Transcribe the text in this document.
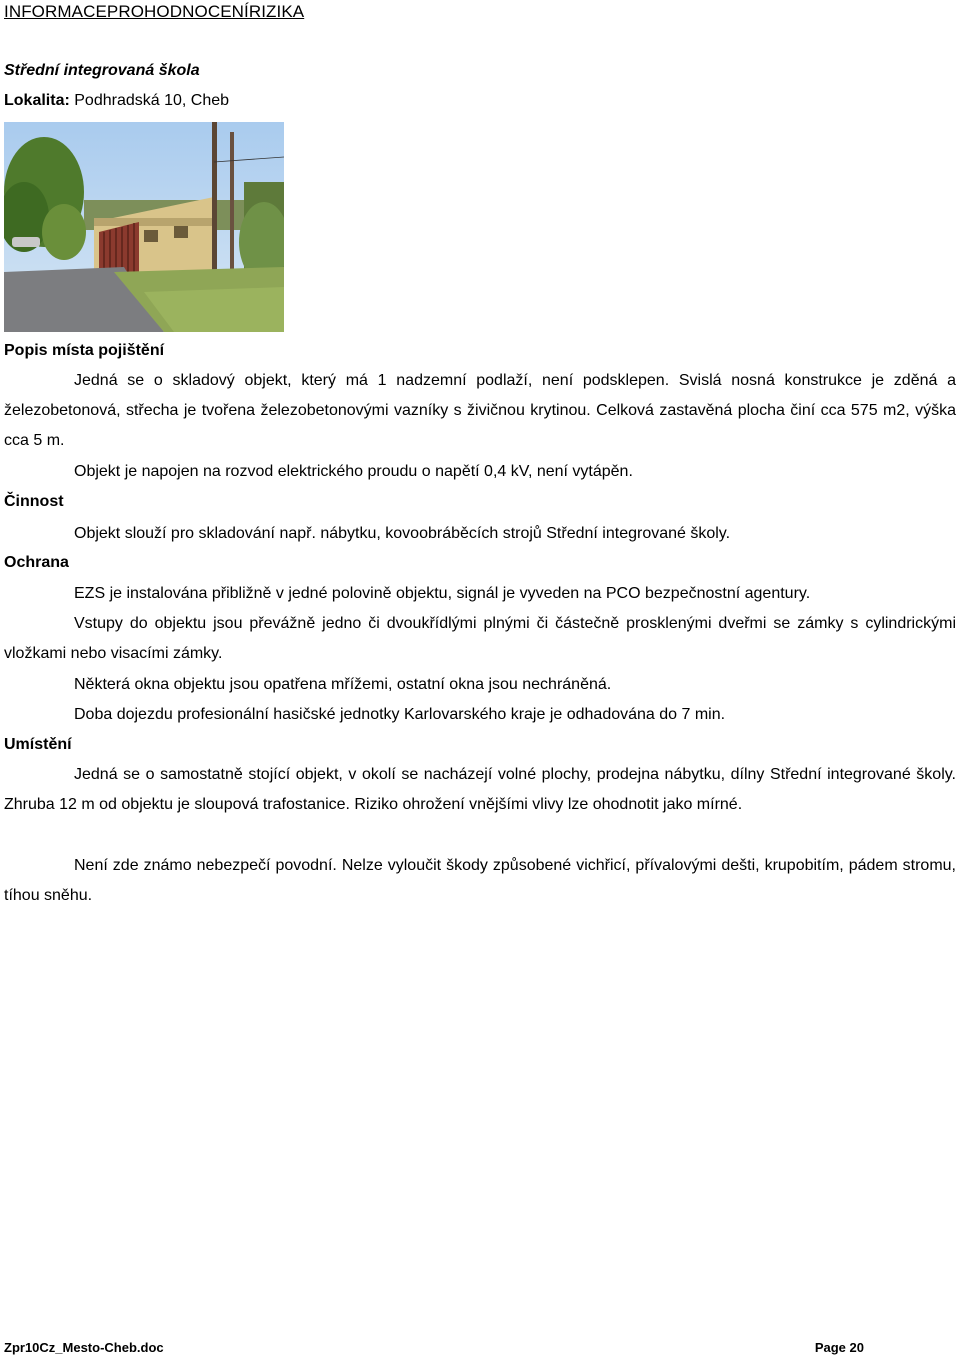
INFORMACEPROHODNOCENÍRIZIKA
Střední integrovaná škola
Lokalita: Podhradská 10, Cheb
Popis místa pojištění

Jedná se o skladový objekt, který má 1 nadzemní podlaží, není podsklepen. Svislá nosná konstrukce je zděná a železobetonová, střecha je tvořena železobetonovými vazníky s živičnou krytinou. Celková zastavěná plocha činí cca 575 m2, výška cca 5 m.

Objekt je napojen na rozvod elektrického proudu o napětí 0,4 kV, není vytápěn.
Činnost
Objekt slouží pro skladování např. nábytku, kovoobráběcích strojů Střední integrované školy.
Ochrana
EZS je instalována přibližně v jedné polovině objektu, signál je vyveden na PCO bezpečnostní agentury.

Vstupy do objektu jsou převážně jedno či dvoukřídlými plnými či částečně prosklenými dveřmi se zámky s cylindrickými vložkami nebo visacími zámky.

Některá okna objektu jsou opatřena mřížemi, ostatní okna jsou nechráněná.
Doba dojezdu profesionální hasičské jednotky Karlovarského kraje je odhadována do 7 min.
Umístění

Jedná se o samostatně stojící objekt, v okolí se nacházejí volné plochy, prodejna nábytku, dílny Střední integrované školy. Zhruba 12 m od objektu je sloupová trafostanice. Riziko ohrožení vnějšími vlivy lze ohodnotit jako mírné.

Není zde známo nebezpečí povodní. Nelze vyloučit škody způsobené vichřicí, přívalovými dešti, krupobitím, pádem stromu, tíhou sněhu.

Zpr10Cz_Mesto-Cheb.doc	Page 20
